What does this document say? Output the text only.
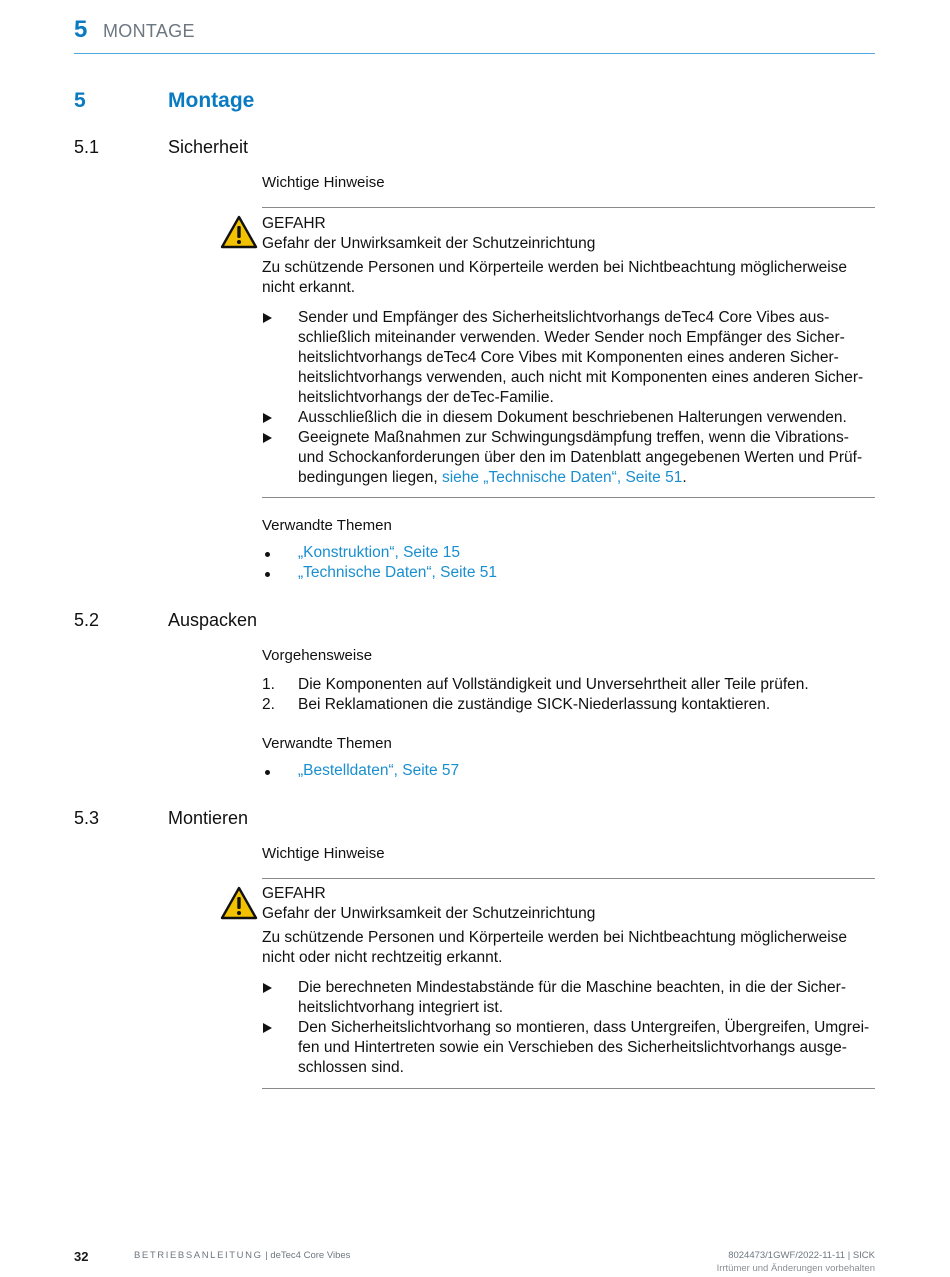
5 MONTAGE
5	Montage
5.1	Sicherheit
Wichtige Hinweise
GEFAHR
Gefahr der Unwirksamkeit der Schutzeinrichtung
Zu schützende Personen und Körperteile werden bei Nichtbeachtung möglicherweise
nicht erkannt.
Sender und Empfänger des Sicherheitslichtvorhangs deTec4 Core Vibes aus-
schließlich miteinander verwenden. Weder Sender noch Empfänger des Sicher-
heitslichtvorhangs deTec4 Core Vibes mit Komponenten eines anderen Sicher-
heitslichtvorhangs verwenden, auch nicht mit Komponenten eines anderen Sicher-
heitslichtvorhangs der deTec-Familie.
Ausschließlich die in diesem Dokument beschriebenen Halterungen verwenden.
Geeignete Maßnahmen zur Schwingungsdämpfung treffen, wenn die Vibrations-
und Schockanforderungen über den im Datenblatt angegebenen Werten und Prüf-
bedingungen liegen, siehe „Technische Daten“, Seite 51.
Verwandte Themen
„Konstruktion“, Seite 15
„Technische Daten“, Seite 51
5.2	Auspacken
Vorgehensweise
1. Die Komponenten auf Vollständigkeit und Unversehrtheit aller Teile prüfen.
2. Bei Reklamationen die zuständige SICK-Niederlassung kontaktieren.
Verwandte Themen
„Bestelldaten“, Seite 57
5.3	Montieren
Wichtige Hinweise
GEFAHR
Gefahr der Unwirksamkeit der Schutzeinrichtung
Zu schützende Personen und Körperteile werden bei Nichtbeachtung möglicherweise
nicht oder nicht rechtzeitig erkannt.
Die berechneten Mindestabstände für die Maschine beachten, in die der Sicher-
heitslichtvorhang integriert ist.
Den Sicherheitslichtvorhang so montieren, dass Untergreifen, Übergreifen, Umgrei-
fen und Hintertreten sowie ein Verschieben des Sicherheitslichtvorhangs ausge-
schlossen sind.
32	BETRIEBSANLEITUNG | deTec4 Core Vibes	8024473/1GWF/2022-11-11 | SICK
Irrtümer und Änderungen vorbehalten
